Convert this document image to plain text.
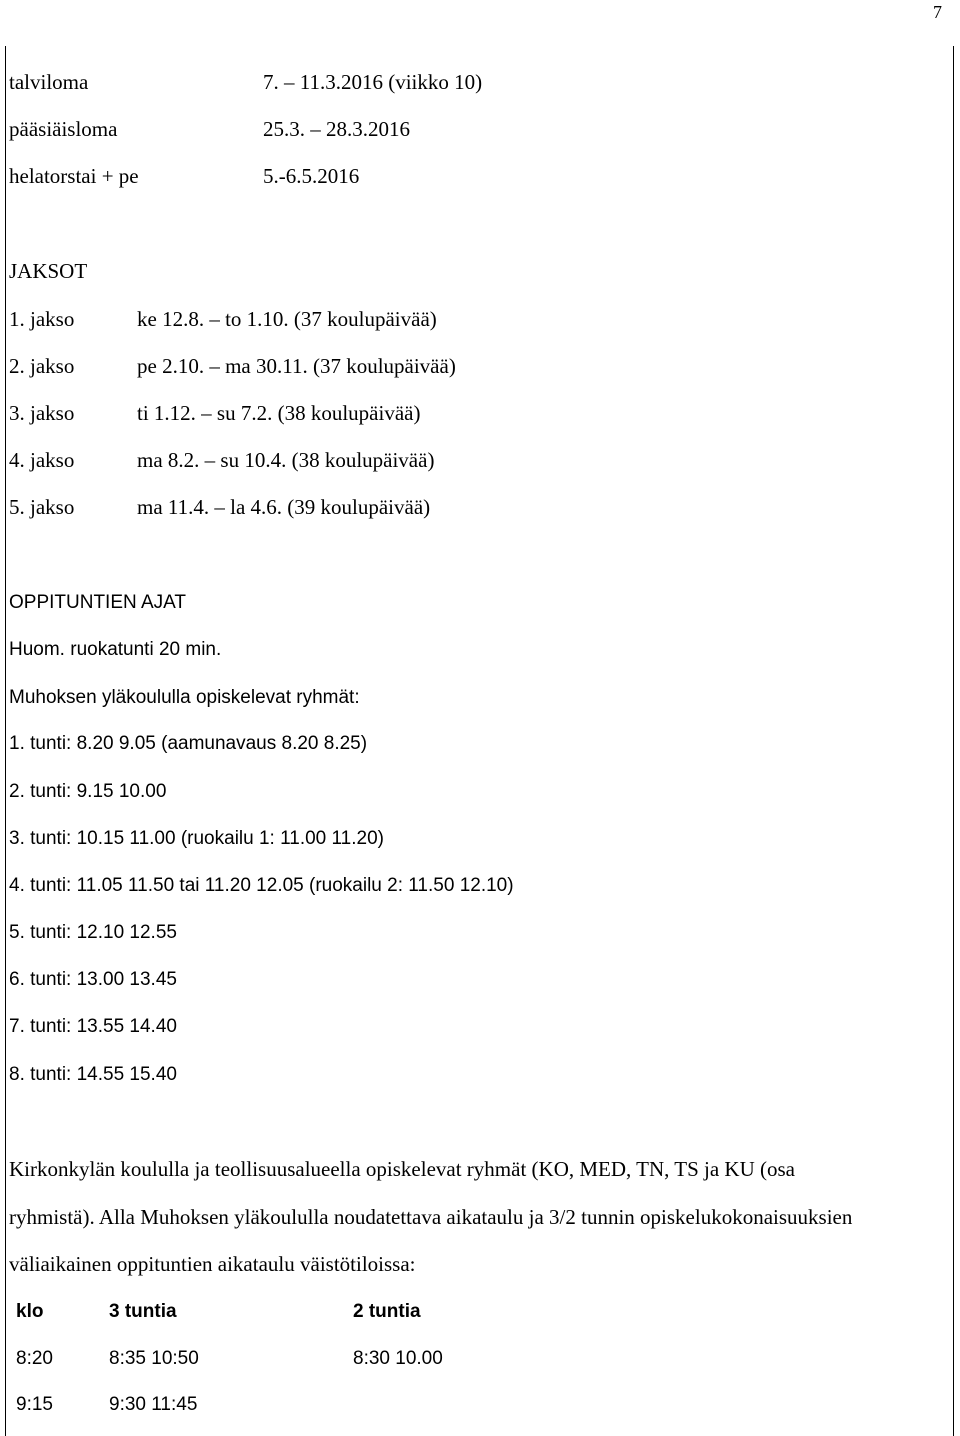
7
talviloma	7. – 11.3.2016 (viikko 10)
pääsiäisloma	25.3. – 28.3.2016
helatorstai + pe	5.-6.5.2016
JAKSOT
1. jakso	ke 12.8. – to 1.10. (37 koulupäivää)
2. jakso	pe 2.10. – ma 30.11. (37 koulupäivää)
3. jakso	ti 1.12. – su 7.2. (38 koulupäivää)
4. jakso	ma 8.2. – su 10.4. (38 koulupäivää)
5. jakso	ma 11.4. – la 4.6. (39 koulupäivää)
OPPITUNTIEN AJAT
Huom. ruokatunti 20 min.
Muhoksen yläkoululla opiskelevat ryhmät:
1. tunti: 8.20 9.05 (aamunavaus 8.20 8.25)
2. tunti: 9.15 10.00
3. tunti: 10.15 11.00 (ruokailu 1: 11.00 11.20)
4. tunti: 11.05 11.50 tai 11.20 12.05 (ruokailu 2: 11.50 12.10)
5. tunti: 12.10 12.55
6. tunti: 13.00 13.45
7. tunti: 13.55 14.40
8. tunti: 14.55 15.40
Kirkonkylän koululla ja teollisuusalueella opiskelevat ryhmät (KO, MED, TN, TS ja KU (osa
ryhmistä). Alla Muhoksen yläkoululla noudatettava aikataulu ja 3/2 tunnin opiskelukokonaisuuksien
väliaikainen oppituntien aikataulu väistötiloissa:
klo	3 tuntia	2 tuntia
8:20	8:35 10:50	8:30 10.00
9:15	9:30 11:45
